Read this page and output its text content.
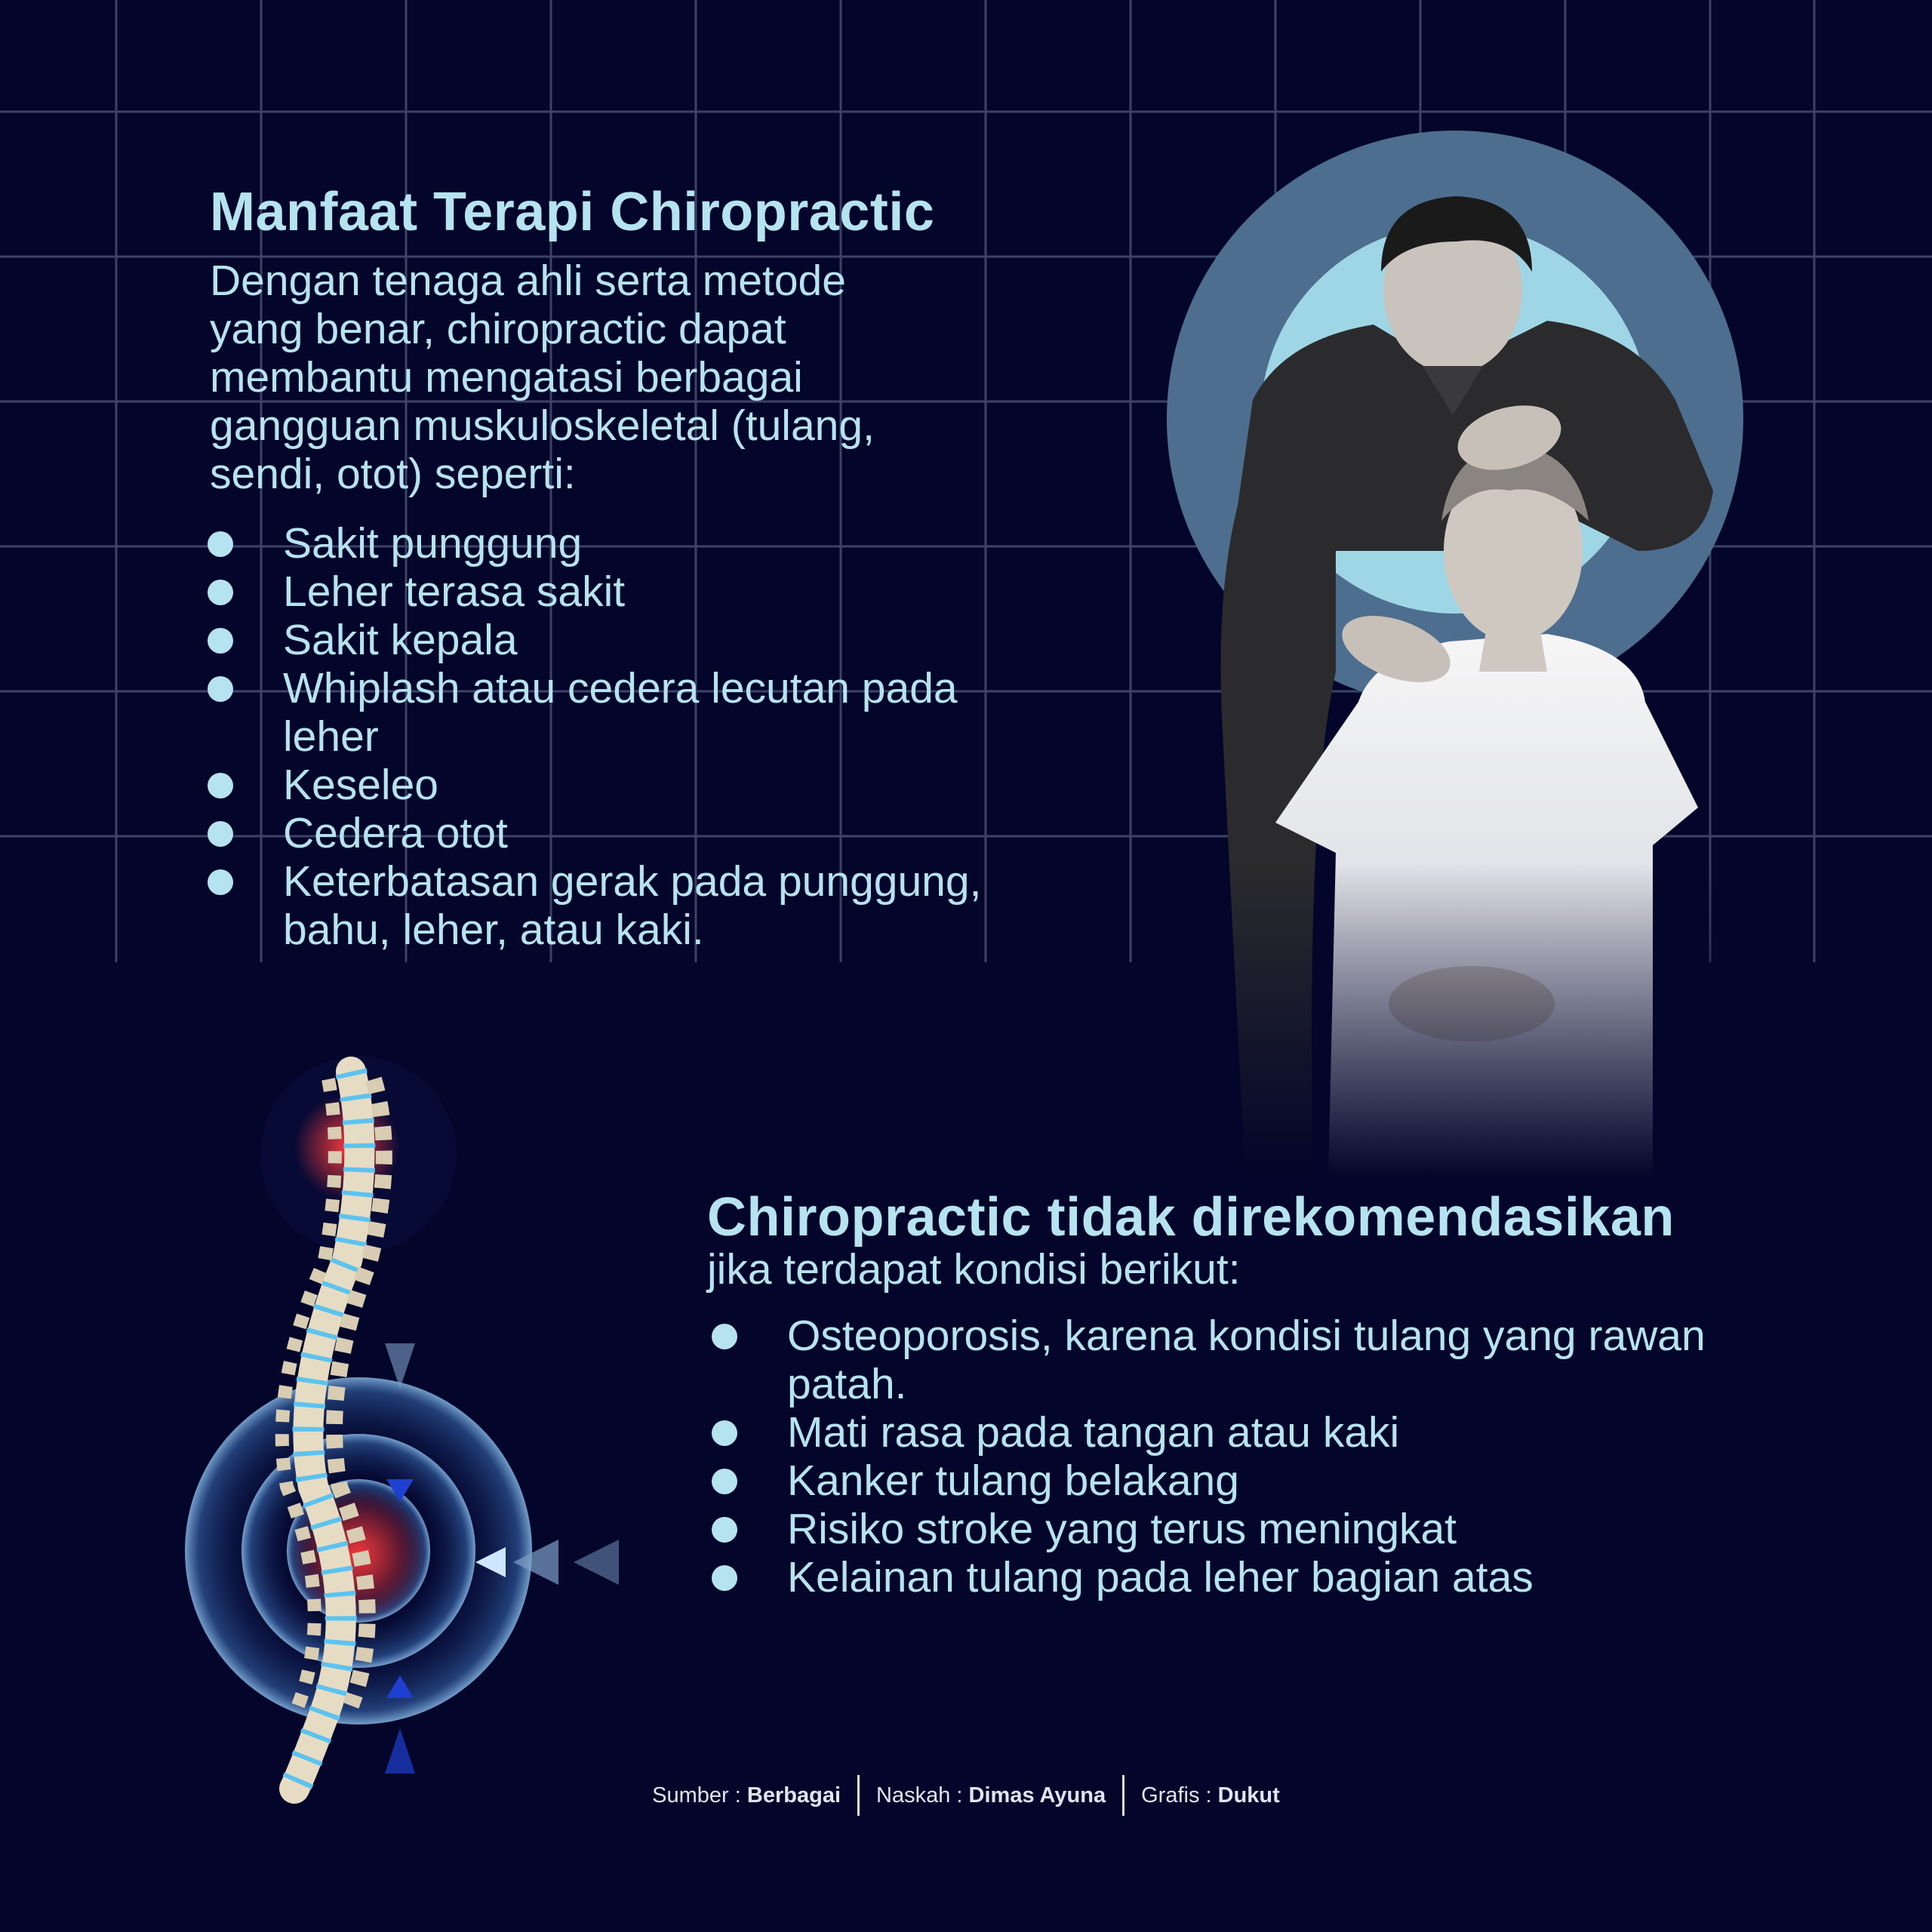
Manfaat Terapi Chiropractic
Dengan tenaga ahli serta metode
yang benar, chiropractic dapat
membantu mengatasi berbagai
gangguan muskuloskeletal (tulang,
sendi, otot) seperti:
Sakit punggung
Leher terasa sakit
Sakit kepala
Whiplash atau cedera lecutan pada leher
Keseleo
Cedera otot
Keterbatasan gerak pada punggung, bahu, leher, atau kaki.
Chiropractic tidak direkomendasikan
jika terdapat kondisi berikut:
Osteoporosis, karena kondisi tulang yang rawan patah.
Mati rasa pada tangan atau kaki
Kanker tulang belakang
Risiko stroke yang terus meningkat
Kelainan tulang pada leher bagian atas
Sumber : Berbagai	Naskah : Dimas Ayuna	Grafis : Dukut
